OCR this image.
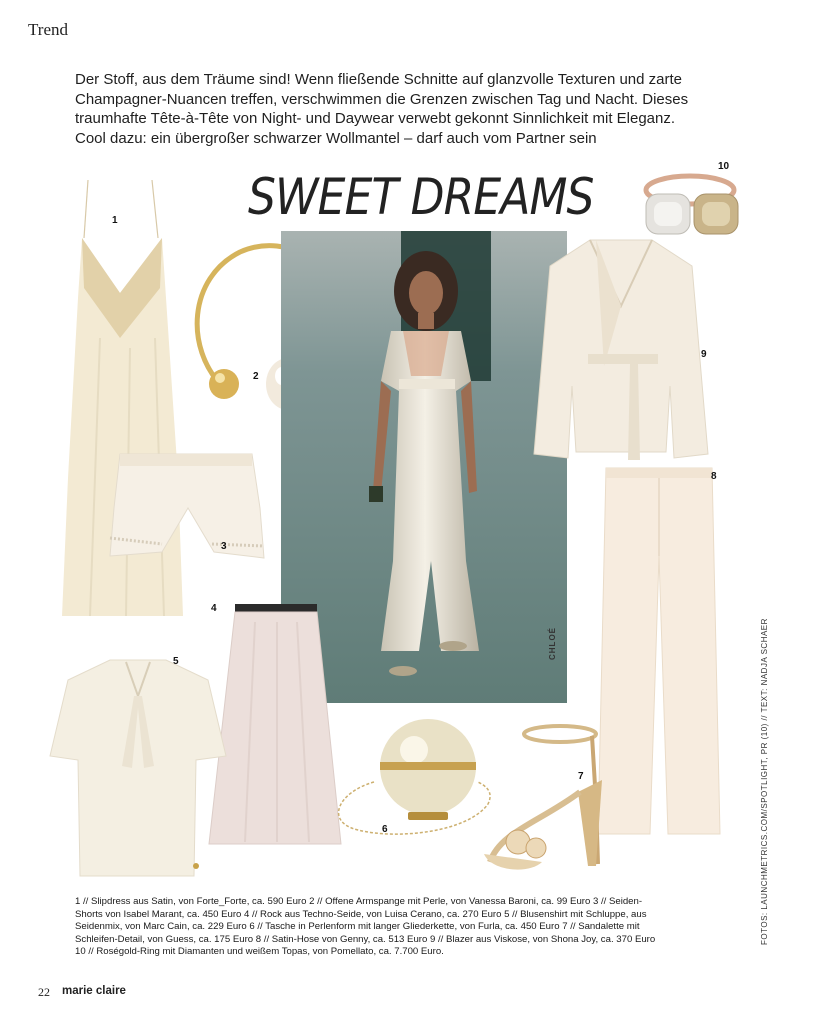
Trend
Der Stoff, aus dem Träume sind! Wenn fließende Schnitte auf glanzvolle Texturen und zarte
Champagner-Nuancen treffen, verschwimmen die Grenzen zwischen Tag und Nacht. Dieses
traumhafte Tête-à-Tête von Night- und Daywear verwebt gekonnt Sinnlichkeit mit Eleganz.
Cool dazu: ein übergroßer schwarzer Wollmantel – darf auch vom Partner sein
SWEET DREAMS
1
2
3
CHLOÉ
10
9
8
4
5
6
7	FOTOS: LAUNCHMETRICS.COM/SPOTLIGHT, PR (10) // TEXT: NADJA SCHAER
1 // Slipdress aus Satin, von Forte_Forte, ca. 590 Euro 2 // Offene Armspange mit Perle, von Vanessa Baroni, ca. 99 Euro 3 // Seiden-
Shorts von Isabel Marant, ca. 450 Euro 4 // Rock aus Techno-Seide, von Luisa Cerano, ca. 270 Euro 5 // Blusenshirt mit Schluppe, aus
Seidenmix, von Marc Cain, ca. 229 Euro 6 // Tasche in Perlenform mit langer Gliederkette, von Furla, ca. 450 Euro 7 // Sandalette mit
Schleifen-Detail, von Guess, ca. 175 Euro 8 // Satin-Hose von Genny, ca. 513 Euro 9 // Blazer aus Viskose, von Shona Joy, ca. 370 Euro
10 // Roségold-Ring mit Diamanten und weißem Topas, von Pomellato, ca. 7.700 Euro.
22 marie claire
